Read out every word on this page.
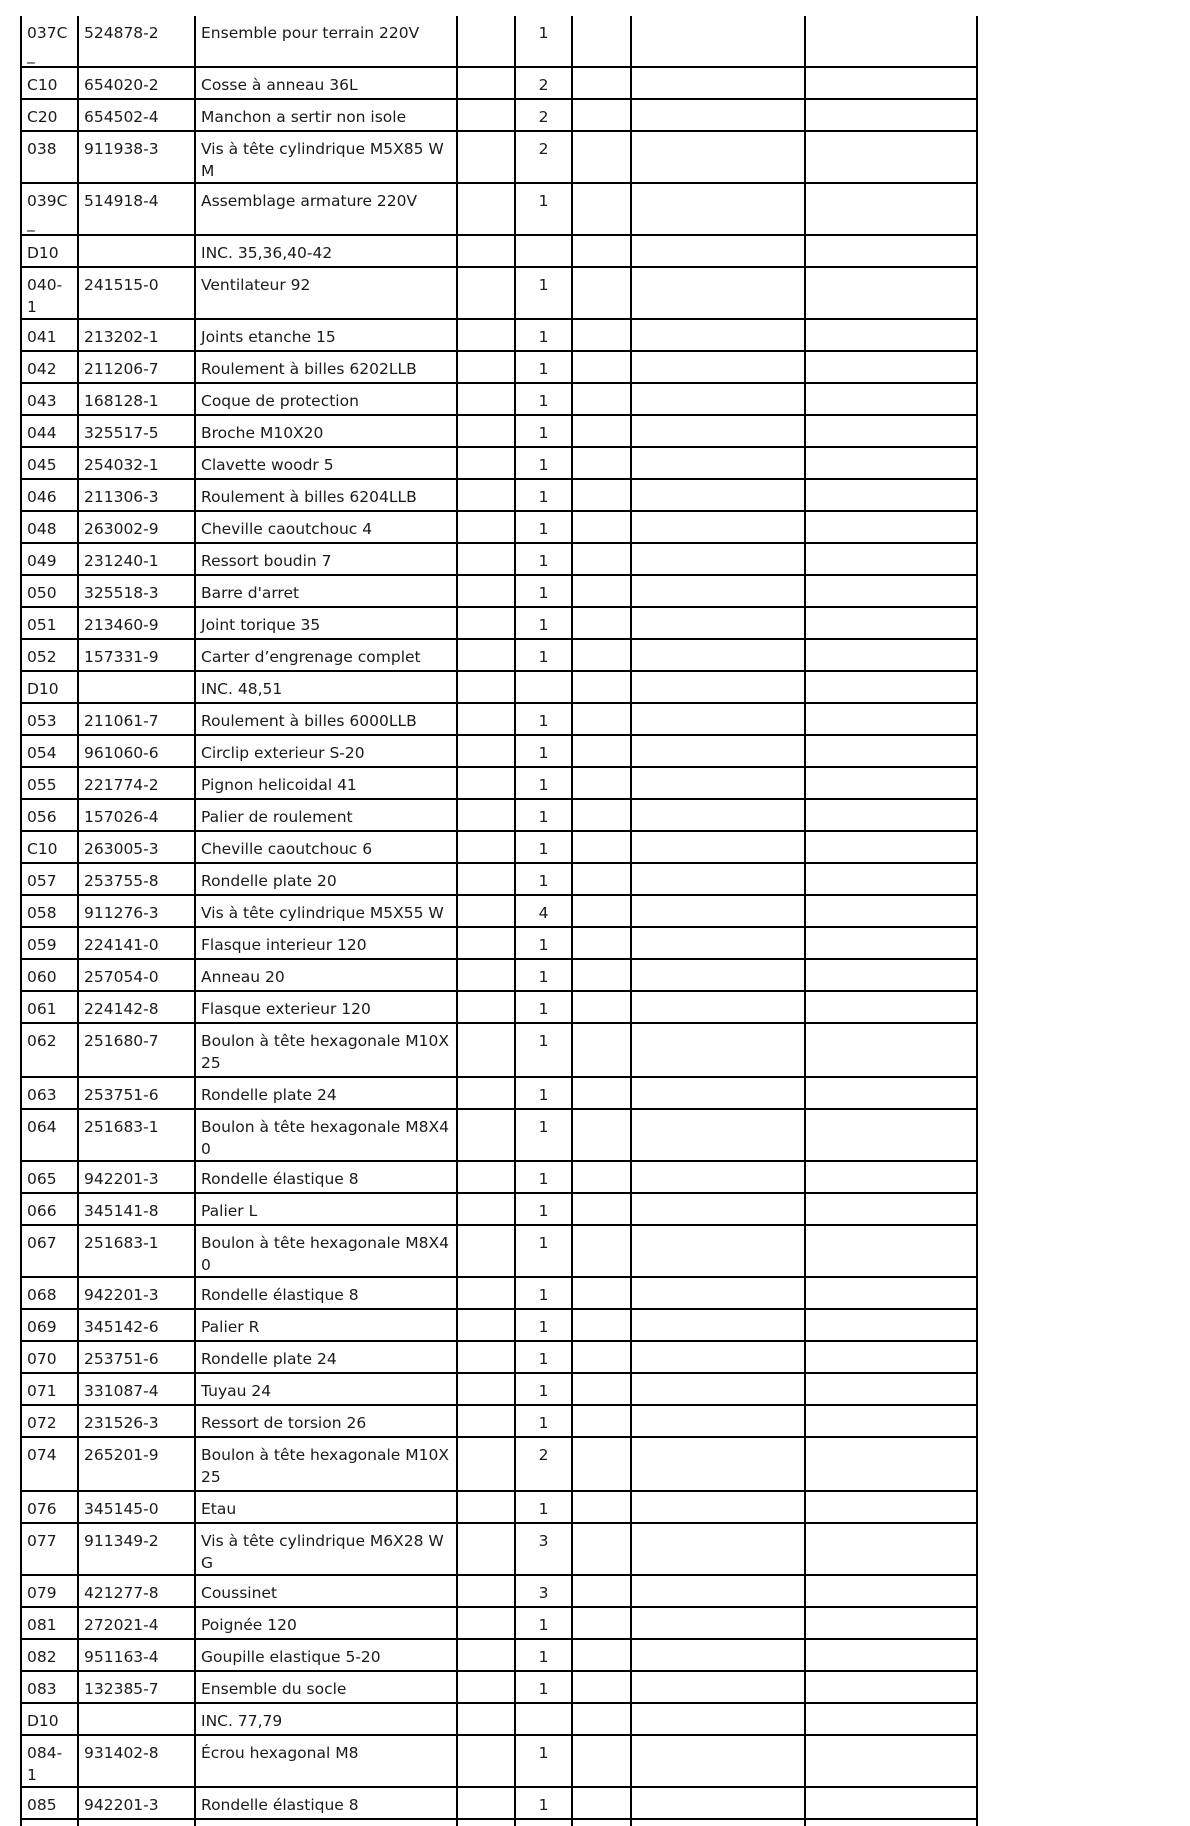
037C_	524878-2	Ensemble pour terrain 220V		1			
C10	654020-2	Cosse à anneau 36L		2			
C20	654502-4	Manchon a sertir non isole		2			
038	911938-3	Vis à tête cylindrique M5X85 WM		2			
039C_	514918-4	Assemblage armature 220V		1			
D10		INC. 35,36,40-42					
040-1	241515-0	Ventilateur 92		1			
041	213202-1	Joints etanche 15		1			
042	211206-7	Roulement à billes 6202LLB		1			
043	168128-1	Coque de protection		1			
044	325517-5	Broche M10X20		1			
045	254032-1	Clavette woodr 5		1			
046	211306-3	Roulement à billes 6204LLB		1			
048	263002-9	Cheville caoutchouc 4		1			
049	231240-1	Ressort boudin 7		1			
050	325518-3	Barre d'arret		1			
051	213460-9	Joint torique 35		1			
052	157331-9	Carter d’engrenage complet		1			
D10		INC. 48,51					
053	211061-7	Roulement à billes 6000LLB		1			
054	961060-6	Circlip exterieur S-20		1			
055	221774-2	Pignon helicoidal 41		1			
056	157026-4	Palier de roulement		1			
C10	263005-3	Cheville caoutchouc 6		1			
057	253755-8	Rondelle plate 20		1			
058	911276-3	Vis à tête cylindrique M5X55 W		4			
059	224141-0	Flasque interieur 120		1			
060	257054-0	Anneau 20		1			
061	224142-8	Flasque exterieur 120		1			
062	251680-7	Boulon à tête hexagonale M10X25		1			
063	253751-6	Rondelle plate 24		1			
064	251683-1	Boulon à tête hexagonale M8X40		1			
065	942201-3	Rondelle élastique 8		1			
066	345141-8	Palier L		1			
067	251683-1	Boulon à tête hexagonale M8X40		1			
068	942201-3	Rondelle élastique 8		1			
069	345142-6	Palier R		1			
070	253751-6	Rondelle plate 24		1			
071	331087-4	Tuyau 24		1			
072	231526-3	Ressort de torsion 26		1			
074	265201-9	Boulon à tête hexagonale M10X25		2			
076	345145-0	Etau		1			
077	911349-2	Vis à tête cylindrique M6X28 WG		3			
079	421277-8	Coussinet		3			
081	272021-4	Poignée 120		1			
082	951163-4	Goupille elastique 5-20		1			
083	132385-7	Ensemble du socle		1			
D10		INC. 77,79					
084-1	931402-8	Écrou hexagonal M8		1			
085	942201-3	Rondelle élastique 8		1			
